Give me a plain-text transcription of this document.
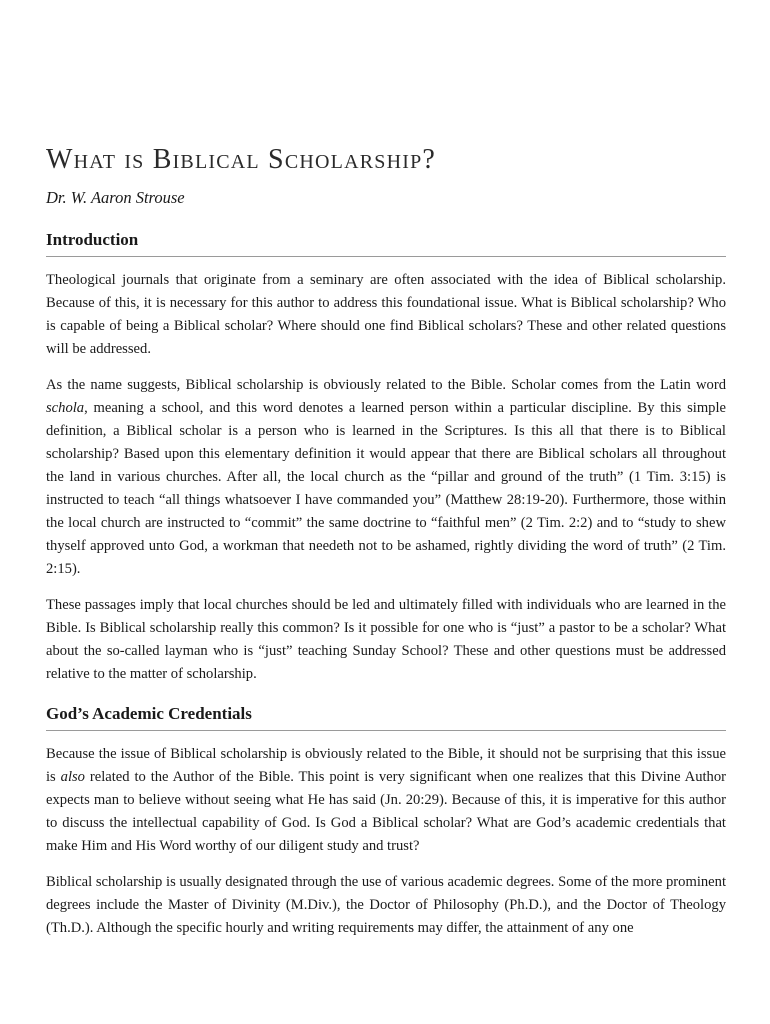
What is Biblical Scholarship?

Dr. W. Aaron Strouse

Introduction

Theological journals that originate from a seminary are often associated with the idea of Biblical scholarship. Because of this, it is necessary for this author to address this foundational issue. What is Biblical scholarship? Who is capable of being a Biblical scholar? Where should one find Biblical scholars? These and other related questions will be addressed.

As the name suggests, Biblical scholarship is obviously related to the Bible. Scholar comes from the Latin word schola, meaning a school, and this word denotes a learned person within a particular discipline. By this simple definition, a Biblical scholar is a person who is learned in the Scriptures. Is this all that there is to Biblical scholarship? Based upon this elementary definition it would appear that there are Biblical scholars all throughout the land in various churches. After all, the local church as the “pillar and ground of the truth” (1 Tim. 3:15) is instructed to teach “all things whatsoever I have commanded you” (Matthew 28:19-20). Furthermore, those within the local church are instructed to “commit” the same doctrine to “faithful men” (2 Tim. 2:2) and to “study to shew thyself approved unto God, a workman that needeth not to be ashamed, rightly dividing the word of truth” (2 Tim. 2:15).

These passages imply that local churches should be led and ultimately filled with individuals who are learned in the Bible. Is Biblical scholarship really this common? Is it possible for one who is “just” a pastor to be a scholar? What about the so-called layman who is “just” teaching Sunday School? These and other questions must be addressed relative to the matter of scholarship.

God’s Academic Credentials

Because the issue of Biblical scholarship is obviously related to the Bible, it should not be surprising that this issue is also related to the Author of the Bible. This point is very significant when one realizes that this Divine Author expects man to believe without seeing what He has said (Jn. 20:29). Because of this, it is imperative for this author to discuss the intellectual capability of God. Is God a Biblical scholar? What are God’s academic credentials that make Him and His Word worthy of our diligent study and trust?

Biblical scholarship is usually designated through the use of various academic degrees. Some of the more prominent degrees include the Master of Divinity (M.Div.), the Doctor of Philosophy (Ph.D.), and the Doctor of Theology (Th.D.). Although the specific hourly and writing requirements may differ, the attainment of any one
